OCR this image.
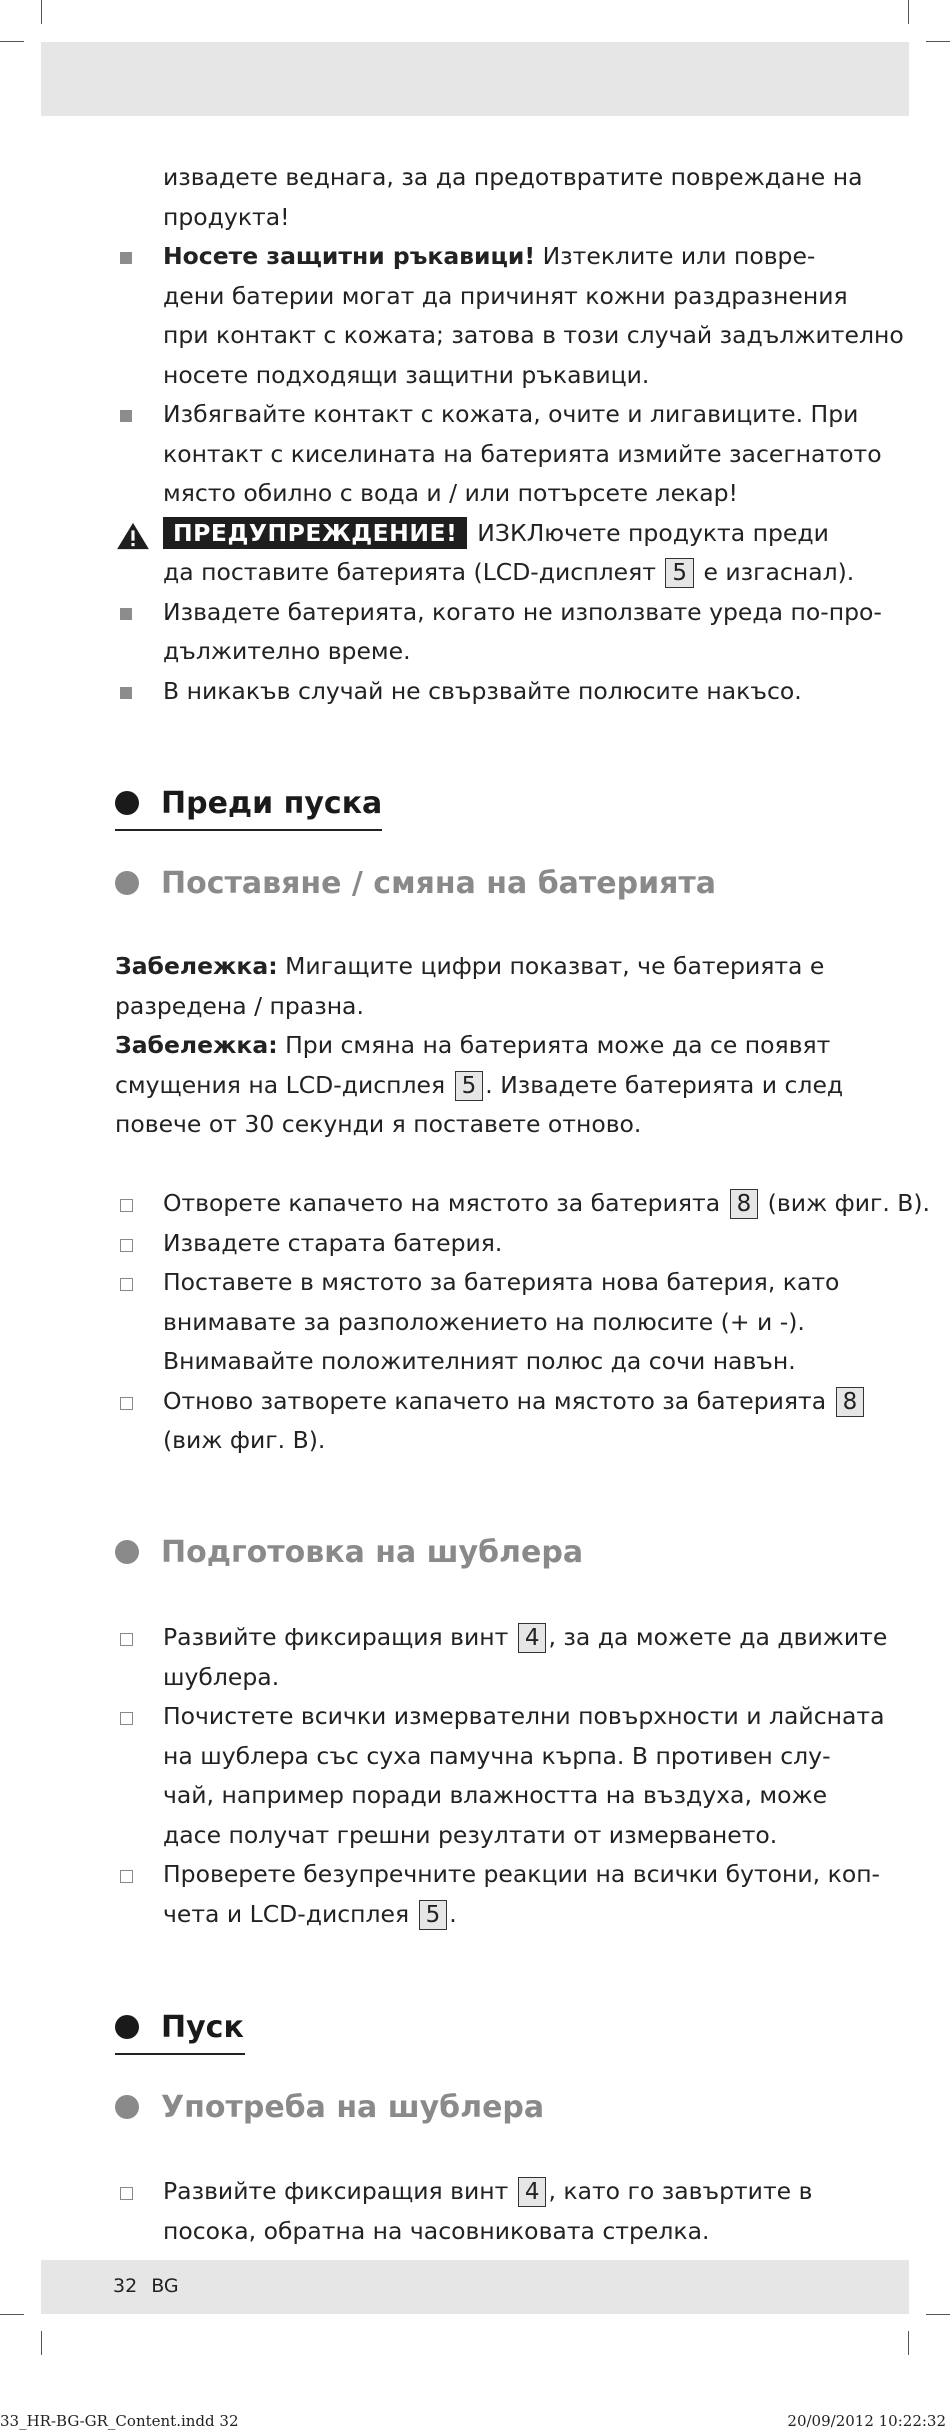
извадете веднага, за да предотвратите повреждане на
продукта!
Носете защитни ръкавици! Изтеклите или повре-
дени батерии могат да причинят кожни раздразнения
при контакт с кожата; затова в този случай задължително
носете подходящи защитни ръкавици.
Избягвайте контакт с кожата, очите и лигавиците. При
контакт с киселината на батерията измийте засегнатото
място обилно с вода и / или потърсете лекар!
ПРЕДУПРЕЖДЕНИЕ! ИЗКЛючете продукта преди
да поставите батерията (LCD-дисплеят 5 е изгаснал).
Извадете батерията, когато не използвате уреда по-про-
дължително време.
В никакъв случай не свързвайте полюсите накъсо.
Преди пуска
Поставяне / смяна на батерията
Забележка: Мигащите цифри показват, че батерията е
разредена / празна.
Забележка: При смяна на батерията може да се появят
смущения на LCD-дисплея 5 . Извадете батерията и след
повече от 30 секунди я поставете отново.
Отворете капачето на мястото за батерията 8 (виж фиг. B).
Извадете старата батерия.
Поставете в мястото за батерията нова батерия, като
внимавате за разположението на полюсите (+ и -).
Внимавайте положителният полюс да сочи навън.
Отново затворете капачето на мястото за батерията 8
(виж фиг. B).
Подготовка на шублера
Развийте фиксиращия винт 4 , за да можете да движите
шублера.
Почистете всички измервателни повърхности и лайсната
на шублера със суха памучна кърпа. В противен слу-
чай, например поради влажността на въздуха, може
дасе получат грешни резултати от измерването.
Проверете безупречните реакции на всички бутони, коп-
чета и LCD-дисплея 5 .
Пуск
Употреба на шублера
Развийте фиксиращия винт 4 , като го завъртите в
посока, обратна на часовниковата стрелка.
32 BG
33_HR-BG-GR_Content.indd 32	20/09/2012 10:22:32
